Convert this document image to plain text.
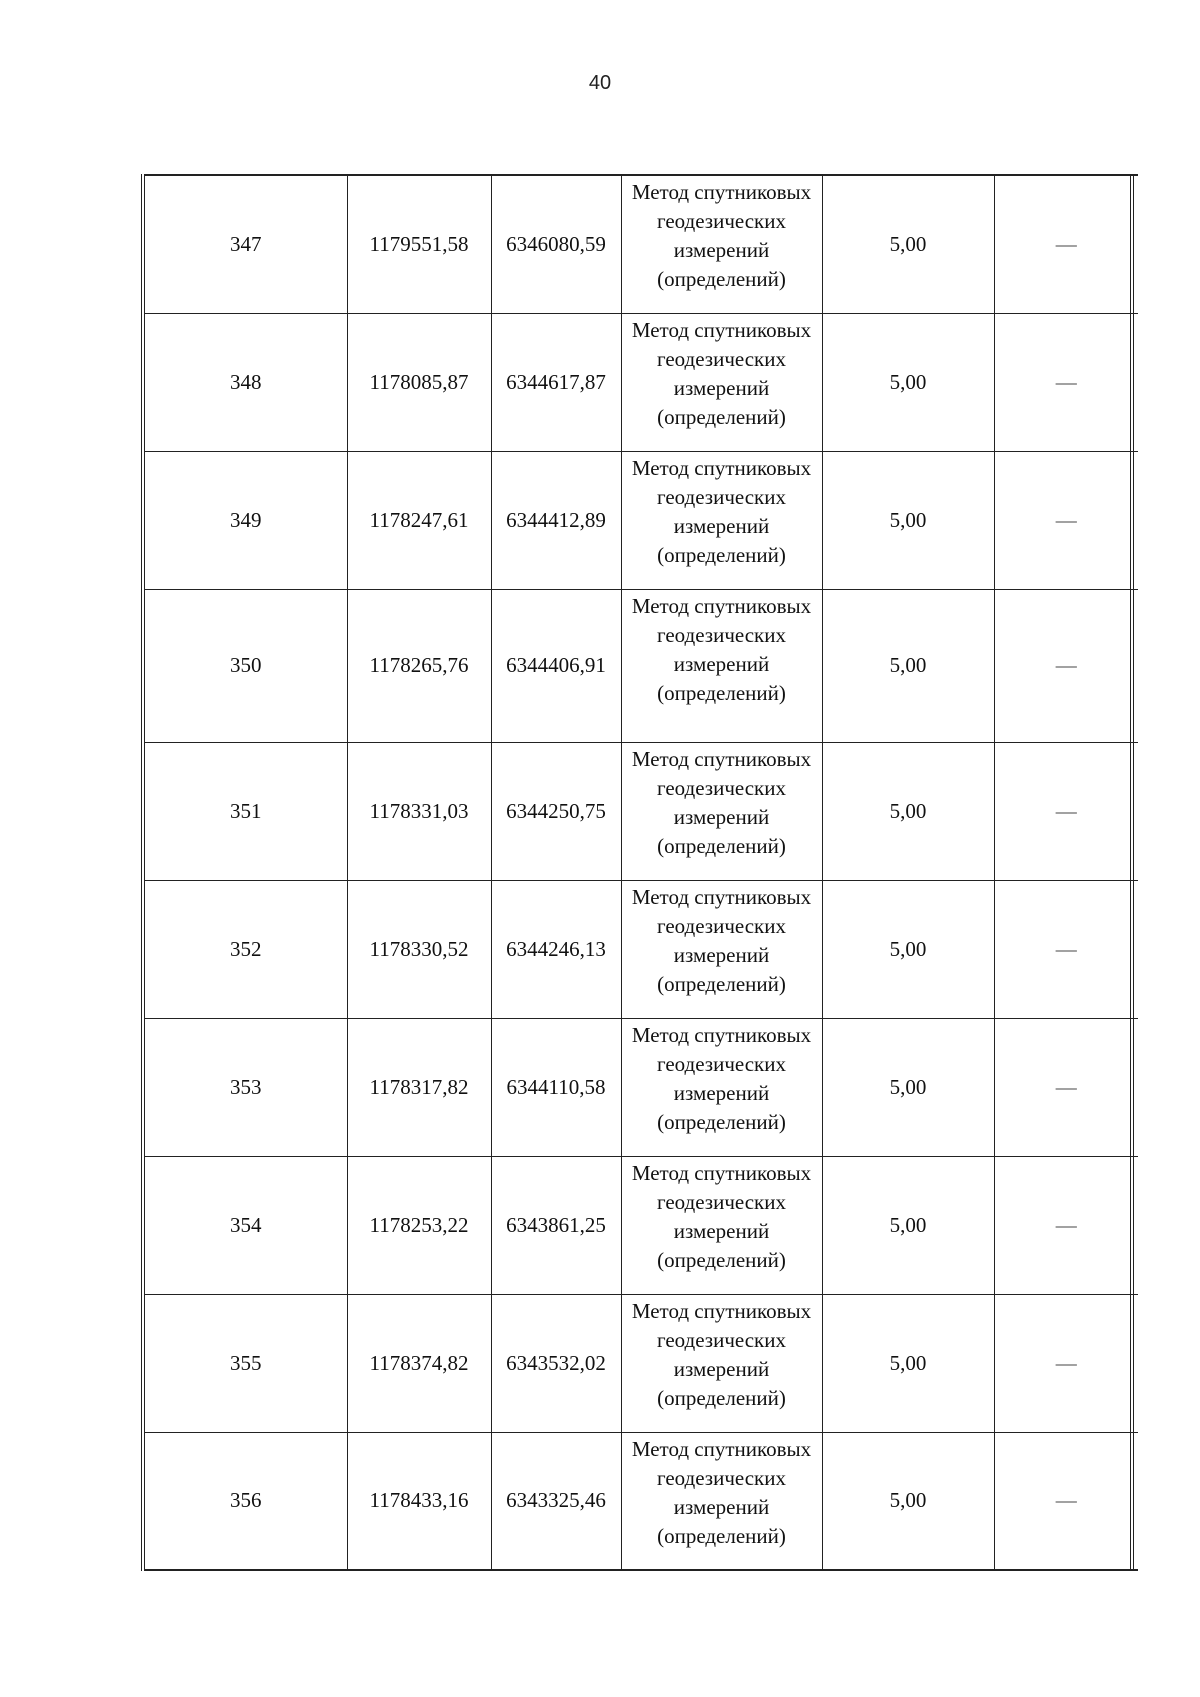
40
347	1179551,58	6346080,59	Метод спутниковых
геодезических
измерений
(определений)	5,00	—
348	1178085,87	6344617,87	Метод спутниковых
геодезических
измерений
(определений)	5,00	—
349	1178247,61	6344412,89	Метод спутниковых
геодезических
измерений
(определений)	5,00	—
350	1178265,76	6344406,91	Метод спутниковых
геодезических
измерений
(определений)	5,00	—
351	1178331,03	6344250,75	Метод спутниковых
геодезических
измерений
(определений)	5,00	—
352	1178330,52	6344246,13	Метод спутниковых
геодезических
измерений
(определений)	5,00	—
353	1178317,82	6344110,58	Метод спутниковых
геодезических
измерений
(определений)	5,00	—
354	1178253,22	6343861,25	Метод спутниковых
геодезических
измерений
(определений)	5,00	—
355	1178374,82	6343532,02	Метод спутниковых
геодезических
измерений
(определений)	5,00	—
356	1178433,16	6343325,46	Метод спутниковых
геодезических
измерений
(определений)	5,00	—
